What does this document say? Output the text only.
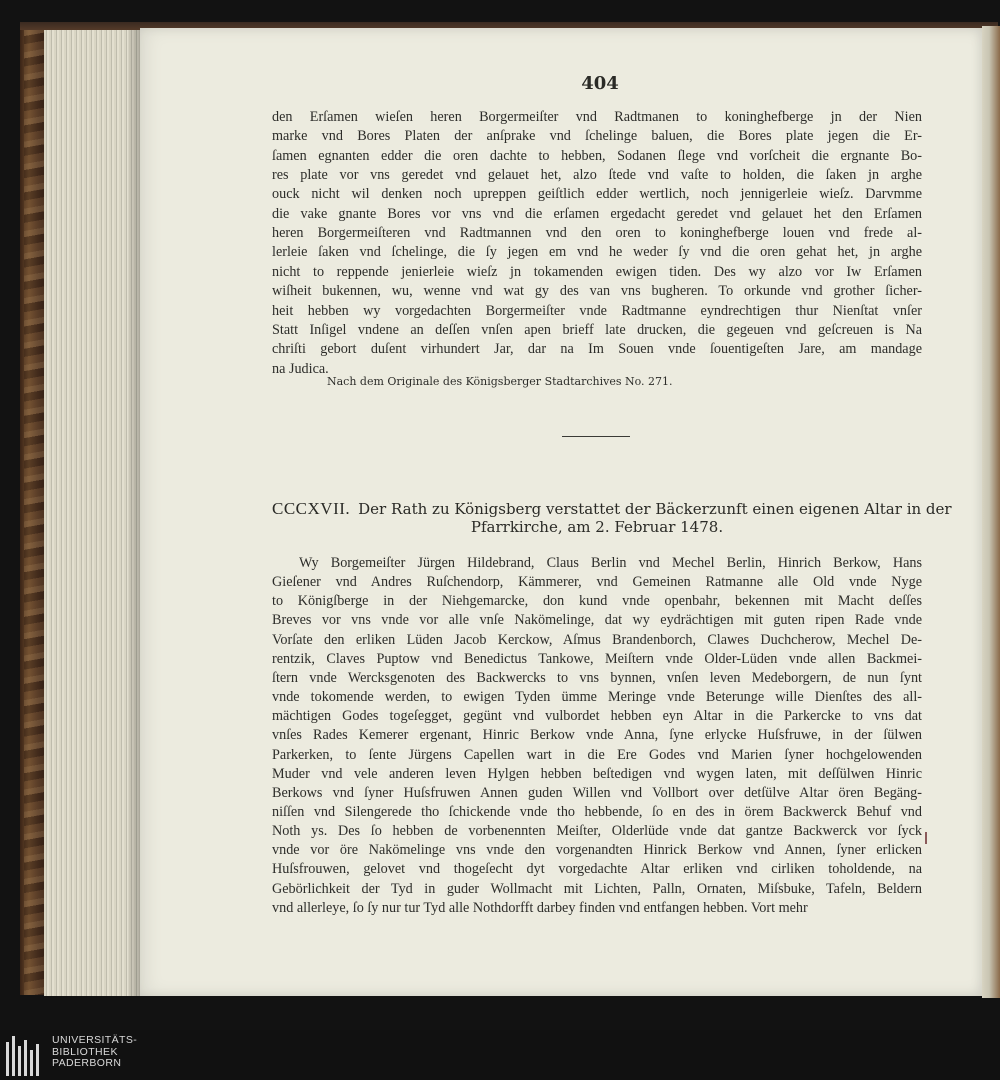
404
den Erſamen wieſen heren Borgermeiſter vnd Radtmanen to koninghefberge jn der Nien
marke vnd Bores Platen der anſprake vnd ſchelinge baluen, die Bores plate jegen die Er-
ſamen egnanten edder die oren dachte to hebben, Sodanen ſlege vnd vorſcheit die ergnante Bo-
res plate vor vns geredet vnd gelauet het, alzo ſtede vnd vaſte to holden, die ſaken jn arghe
ouck nicht wil denken noch upreppen geiſtlich edder wertlich, noch jennigerleie wieſz. Darvmme
die vake gnante Bores vor vns vnd die erſamen ergedacht geredet vnd gelauet het den Erſamen
heren Borgermeiſteren vnd Radtmannen vnd den oren to koninghefberge louen vnd frede al-
lerleie ſaken vnd ſchelinge, die ſy jegen em vnd he weder ſy vnd die oren gehat het, jn arghe
nicht to reppende jenierleie wieſz jn tokamenden ewigen tiden. Des wy alzo vor Iw Erſamen
wiſheit bukennen, wu, wenne vnd wat gy des van vns bugheren. To orkunde vnd grother ſicher-
heit hebben wy vorgedachten Borgermeiſter vnde Radtmanne eyndrechtigen thur Nienſtat vnſer
Statt Inſigel vndene an deſſen vnſen apen brieff late drucken, die gegeuen vnd geſcreuen is Na
chriſti gebort duſent virhundert Jar, dar na Im Souen vnde ſouentigeſten Jare, am mandage
na Judica.
Nach dem Originale des Königsberger Stadtarchives No. 271.
CCCXVII. Der Rath zu Königsberg verstattet der Bäckerzunft einen eigenen Altar in der
Pfarrkirche, am 2. Februar 1478.
Wy Borgemeiſter Jürgen Hildebrand, Claus Berlin vnd Mechel Berlin, Hinrich Berkow, Hans
Gieſener vnd Andres Ruſchendorp, Kämmerer, vnd Gemeinen Ratmanne alle Old vnde Nyge
to Königſberge in der Niehgemarcke, don kund vnde openbahr, bekennen mit Macht deſſes
Breves vor vns vnde vor alle vnſe Nakömelinge, dat wy eydrächtigen mit guten ripen Rade vnde
Vorſate den erliken Lüden Jacob Kerckow, Aſmus Brandenborch, Clawes Duchcherow, Mechel De-
rentzik, Claves Puptow vnd Benedictus Tankowe, Meiſtern vnde Older-Lüden vnde allen Backmei-
ſtern vnde Wercksgenoten des Backwercks to vns bynnen, vnſen leven Medeborgern, de nun ſynt
vnde tokomende werden, to ewigen Tyden ümme Meringe vnde Beterunge wille Dienſtes des all-
mächtigen Godes togeſegget, gegünt vnd vulbordet hebben eyn Altar in die Parkercke to vns dat
vnſes Rades Kemerer ergenant, Hinric Berkow vnde Anna, ſyne erlycke Huſsfruwe, in der ſülwen
Parkerken, to ſente Jürgens Capellen wart in die Ere Godes vnd Marien ſyner hochgelowenden
Muder vnd vele anderen leven Hylgen hebben beſtedigen vnd wygen laten, mit deſſülwen Hinric
Berkows vnd ſyner Huſsfruwen Annen guden Willen vnd Vollbort over detſülve Altar ören Begäng-
niſſen vnd Silengerede tho ſchickende vnde tho hebbende, ſo en des in örem Backwerck Behuf vnd
Noth ys. Des ſo hebben de vorbenennten Meiſter, Olderlüde vnde dat gantze Backwerck vor ſyck
vnde vor öre Nakömelinge vns vnde den vorgenandten Hinrick Berkow vnd Annen, ſyner erlicken
Huſsfrouwen, gelovet vnd thogeſecht dyt vorgedachte Altar erliken vnd cirliken toholdende, na
Gebörlichkeit der Tyd in guder Wollmacht mit Lichten, Palln, Ornaten, Miſsbuke, Tafeln, Beldern
vnd allerleye, ſo ſy nur tur Tyd alle Nothdorfft darbey finden vnd entfangen hebben. Vort mehr
UNIVERSITÄTS-
BIBLIOTHEK
PADERBORN
